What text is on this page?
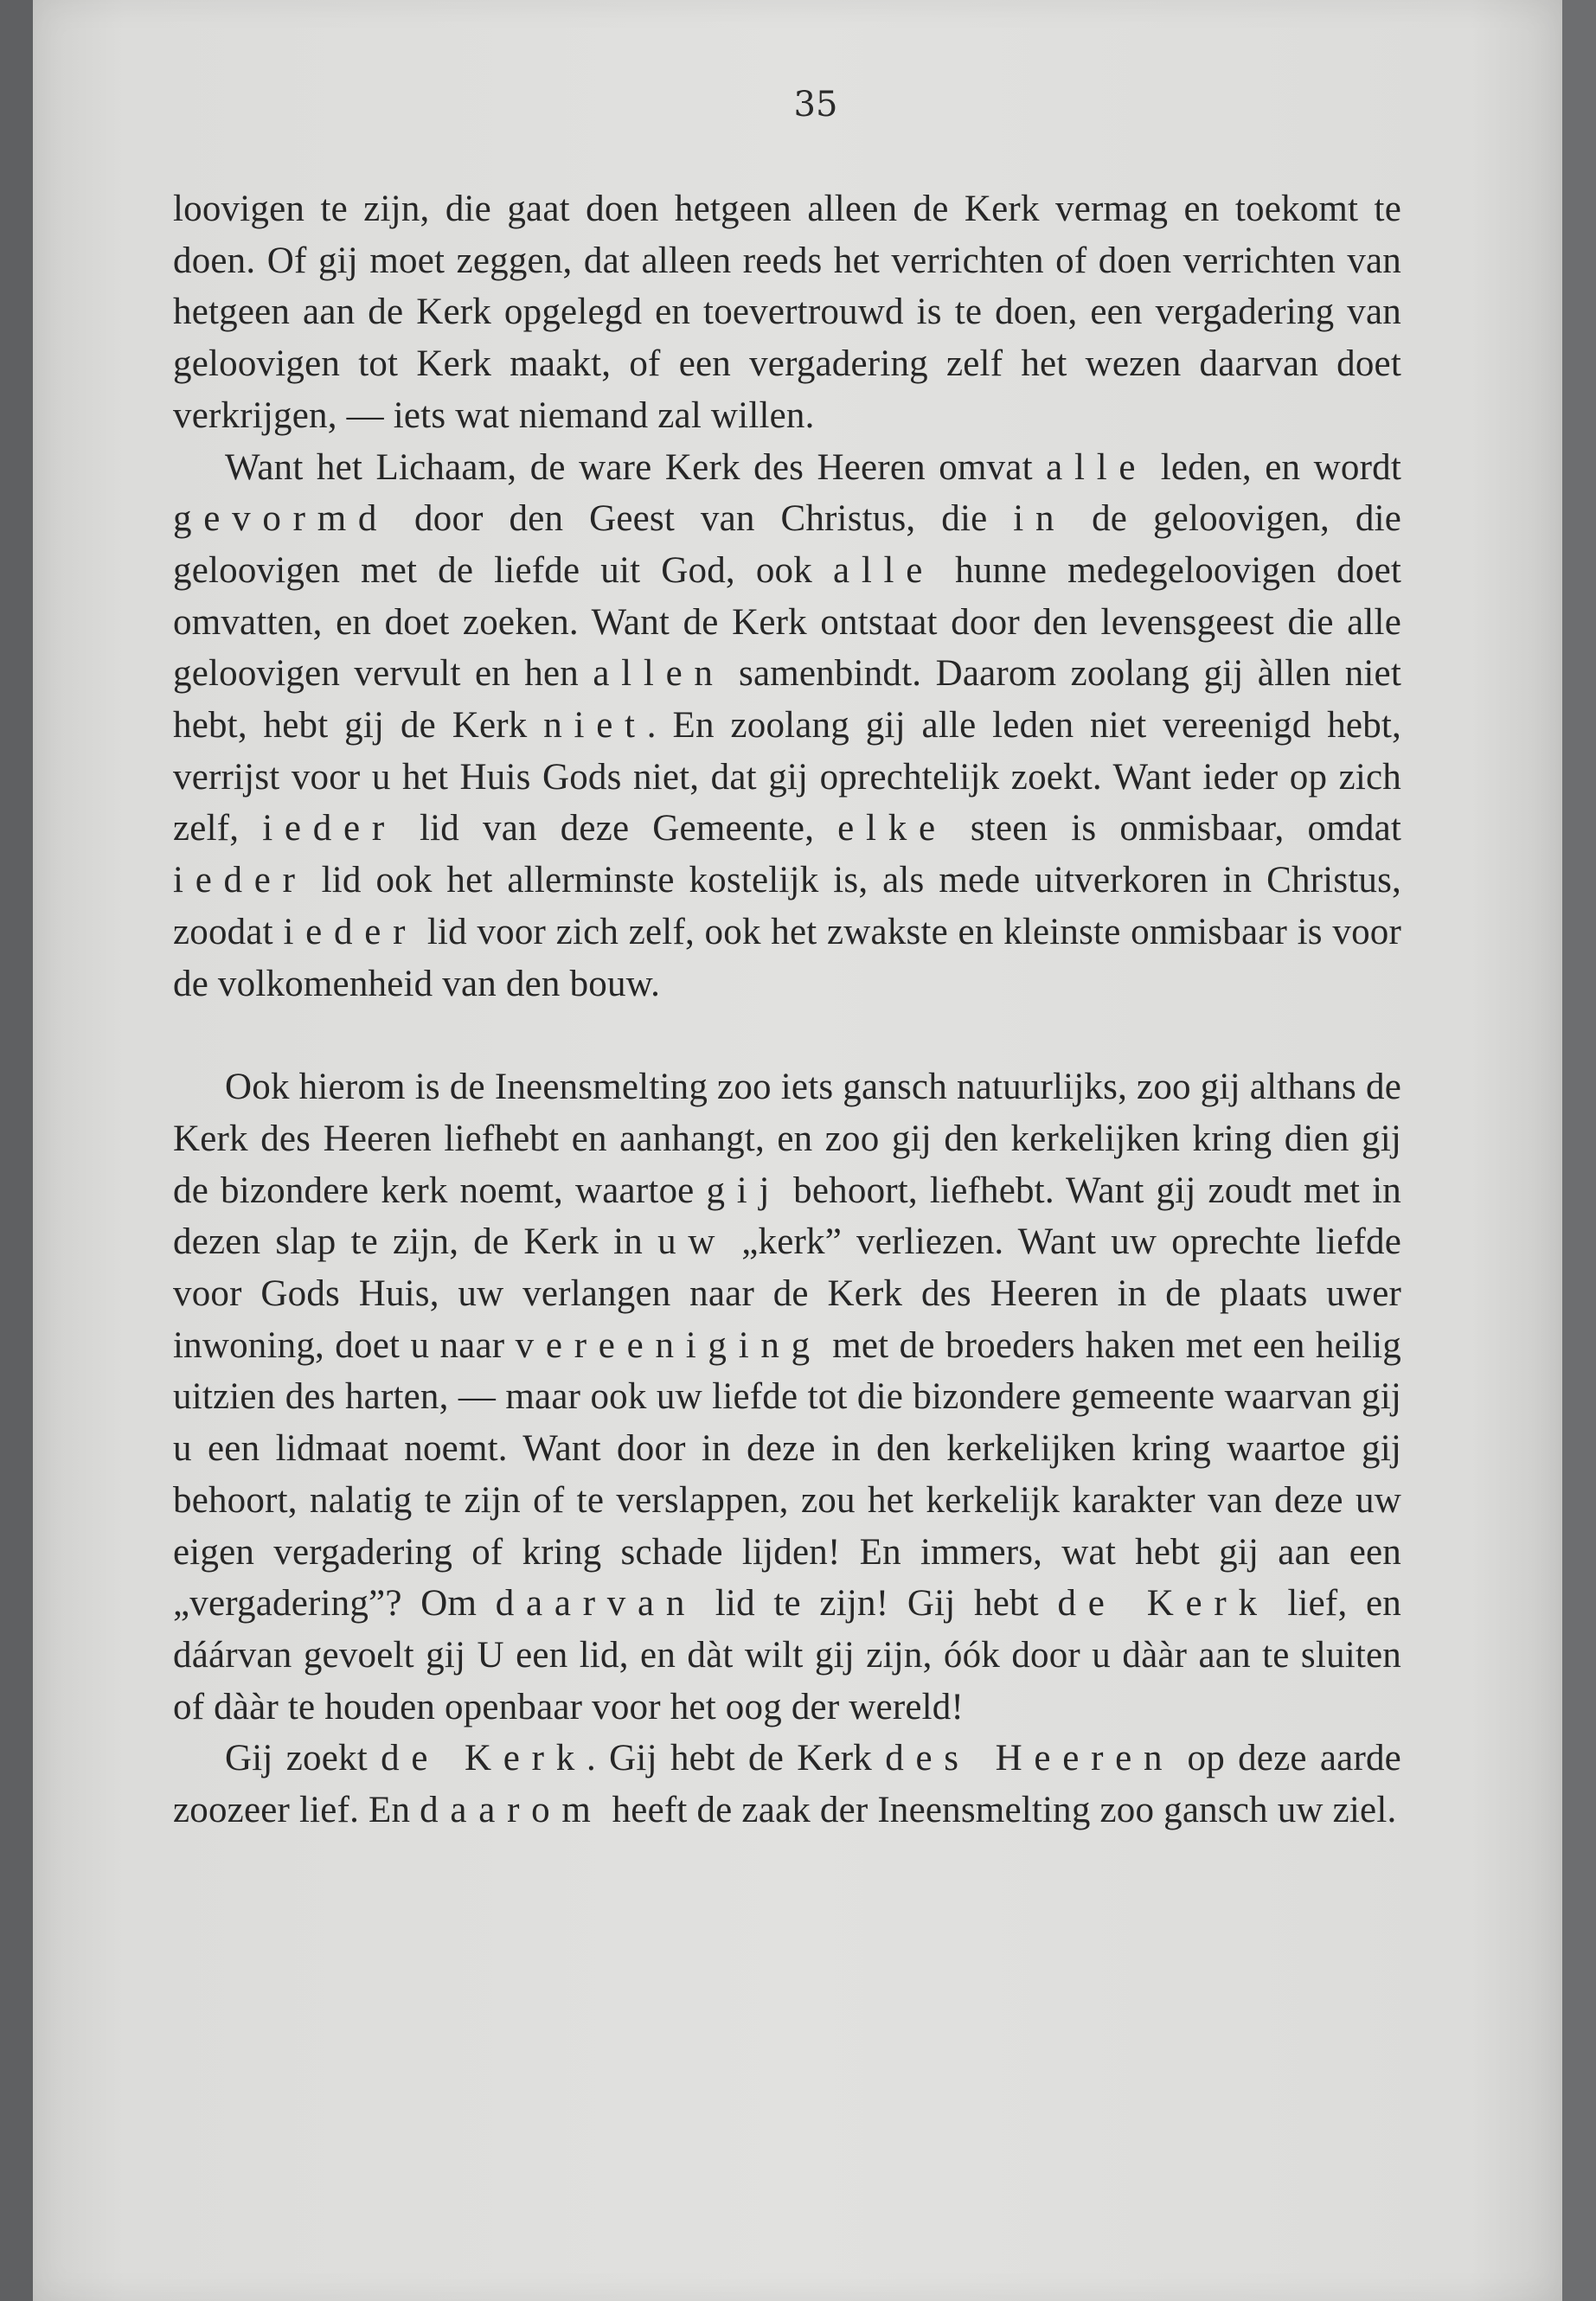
35

loovigen te zijn, die gaat doen hetgeen alleen de Kerk vermag en toekomt te doen. Of gij moet zeggen, dat alleen reeds het verrichten of doen verrichten van hetgeen aan de Kerk opgelegd en toevertrouwd is te doen, een vergadering van geloovigen tot Kerk maakt, of een vergadering zelf het wezen daarvan doet verkrijgen, — iets wat niemand zal willen.

Want het Lichaam, de ware Kerk des Heeren omvat alle leden, en wordt gevormd door den Geest van Christus, die in de geloovigen, die geloovigen met de liefde uit God, ook alle hunne medegeloovigen doet omvatten, en doet zoeken. Want de Kerk ontstaat door den levensgeest die alle geloovigen vervult en hen allen samenbindt. Daarom zoolang gij àllen niet hebt, hebt gij de Kerk niet. En zoolang gij alle leden niet vereenigd hebt, verrijst voor u het Huis Gods niet, dat gij oprechtelijk zoekt. Want ieder op zich zelf, ieder lid van deze Gemeente, elke steen is onmisbaar, omdat ieder lid ook het allerminste kostelijk is, als mede uitverkoren in Christus, zoodat ieder lid voor zich zelf, ook het zwakste en kleinste onmisbaar is voor de volkomenheid van den bouw.

Ook hierom is de Ineensmelting zoo iets gansch natuurlijks, zoo gij althans de Kerk des Heeren liefhebt en aanhangt, en zoo gij den kerkelijken kring dien gij de bizondere kerk noemt, waartoe gij behoort, liefhebt. Want gij zoudt met in dezen slap te zijn, de Kerk in uw „kerk” verliezen. Want uw oprechte liefde voor Gods Huis, uw verlangen naar de Kerk des Heeren in de plaats uwer inwoning, doet u naar vereeniging met de broeders haken met een heilig uitzien des harten, — maar ook uw liefde tot die bizondere gemeente waarvan gij u een lidmaat noemt. Want door in deze in den kerkelijken kring waartoe gij behoort, nalatig te zijn of te verslappen, zou het kerkelijk karakter van deze uw eigen vergadering of kring schade lijden! En immers, wat hebt gij aan een „vergadering”? Om daarvan lid te zijn! Gij hebt de Kerk lief, en dáárvan gevoelt gij U een lid, en dàt wilt gij zijn, óók door u dààr aan te sluiten of dààr te houden openbaar voor het oog der wereld!

Gij zoekt de Kerk. Gij hebt de Kerk des Heeren op deze aarde zoozeer lief. En daarom heeft de zaak der Ineensmelting zoo gansch uw ziel.
